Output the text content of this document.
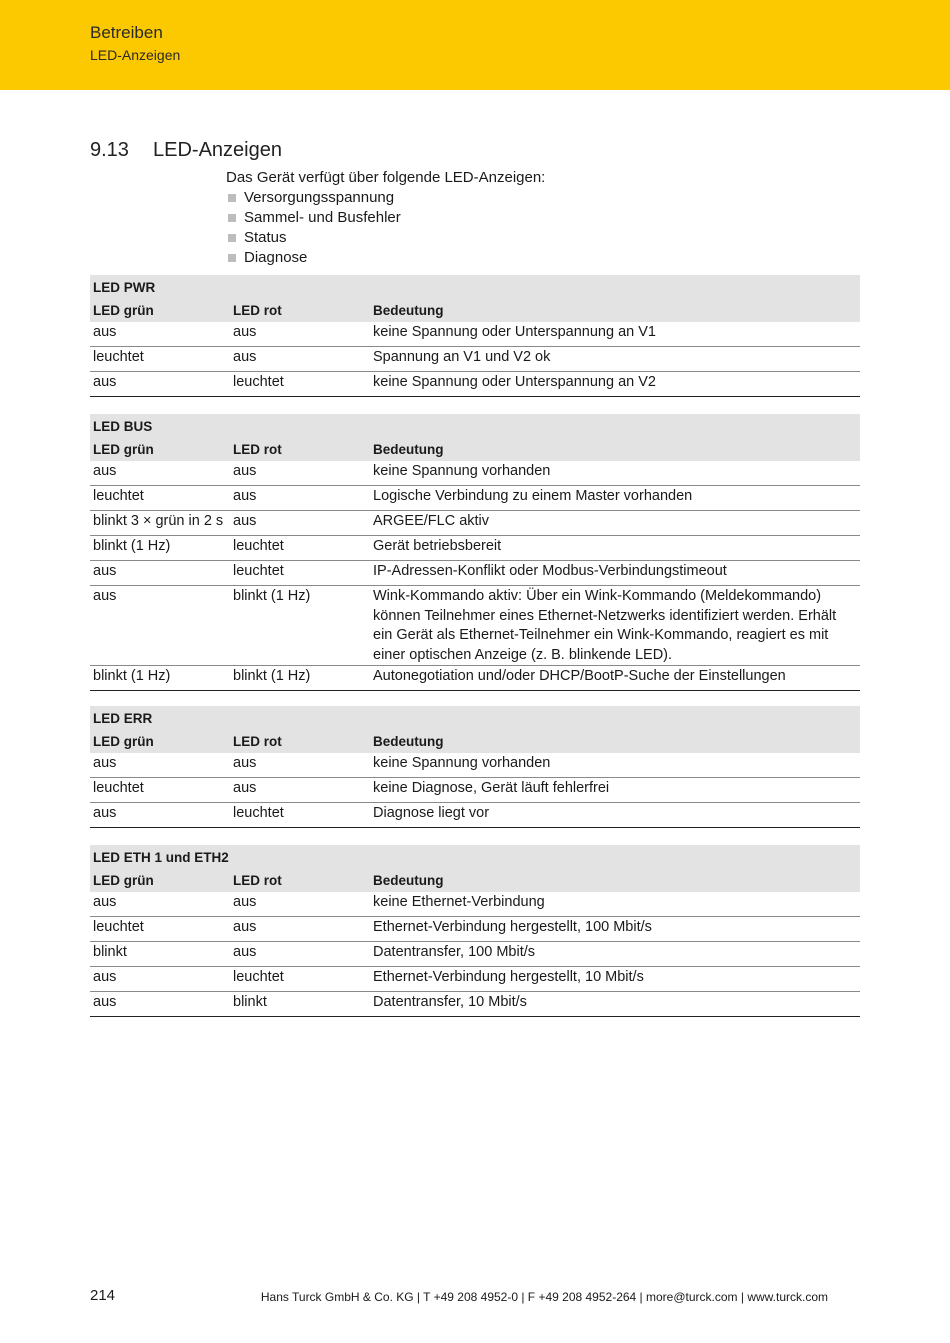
Betreiben
LED-Anzeigen
9.13 LED-Anzeigen
Das Gerät verfügt über folgende LED-Anzeigen:
Versorgungsspannung
Sammel- und Busfehler
Status
Diagnose
LED PWR		
LED grün	LED rot	Bedeutung
aus	aus	keine Spannung oder Unterspannung an V1
leuchtet	aus	Spannung an V1 und V2 ok
aus	leuchtet	keine Spannung oder Unterspannung an V2
LED BUS		
LED grün	LED rot	Bedeutung
aus	aus	keine Spannung vorhanden
leuchtet	aus	Logische Verbindung zu einem Master vorhanden
blinkt 3 × grün in 2 s	aus	ARGEE/FLC aktiv
blinkt (1 Hz)	leuchtet	Gerät betriebsbereit
aus	leuchtet	IP-Adressen-Konflikt oder Modbus-Verbindungstimeout
aus	blinkt (1 Hz)	Wink-Kommando aktiv: Über ein Wink-Kommando (Meldekommando) können Teilnehmer eines Ethernet-Netzwerks identifiziert werden. Erhält ein Gerät als Ethernet-Teilnehmer ein Wink-Kommando, reagiert es mit einer optischen Anzeige (z. B. blinkende LED).
blinkt (1 Hz)	blinkt (1 Hz)	Autonegotiation und/oder DHCP/BootP-Suche der Einstellungen
LED ERR		
LED grün	LED rot	Bedeutung
aus	aus	keine Spannung vorhanden
leuchtet	aus	keine Diagnose, Gerät läuft fehlerfrei
aus	leuchtet	Diagnose liegt vor
LED ETH 1 und ETH2		
LED grün	LED rot	Bedeutung
aus	aus	keine Ethernet-Verbindung
leuchtet	aus	Ethernet-Verbindung hergestellt, 100 Mbit/s
blinkt	aus	Datentransfer, 100 Mbit/s
aus	leuchtet	Ethernet-Verbindung hergestellt, 10 Mbit/s
aus	blinkt	Datentransfer, 10 Mbit/s
214	Hans Turck GmbH & Co. KG | T +49 208 4952-0 | F +49 208 4952-264 | more@turck.com | www.turck.com
